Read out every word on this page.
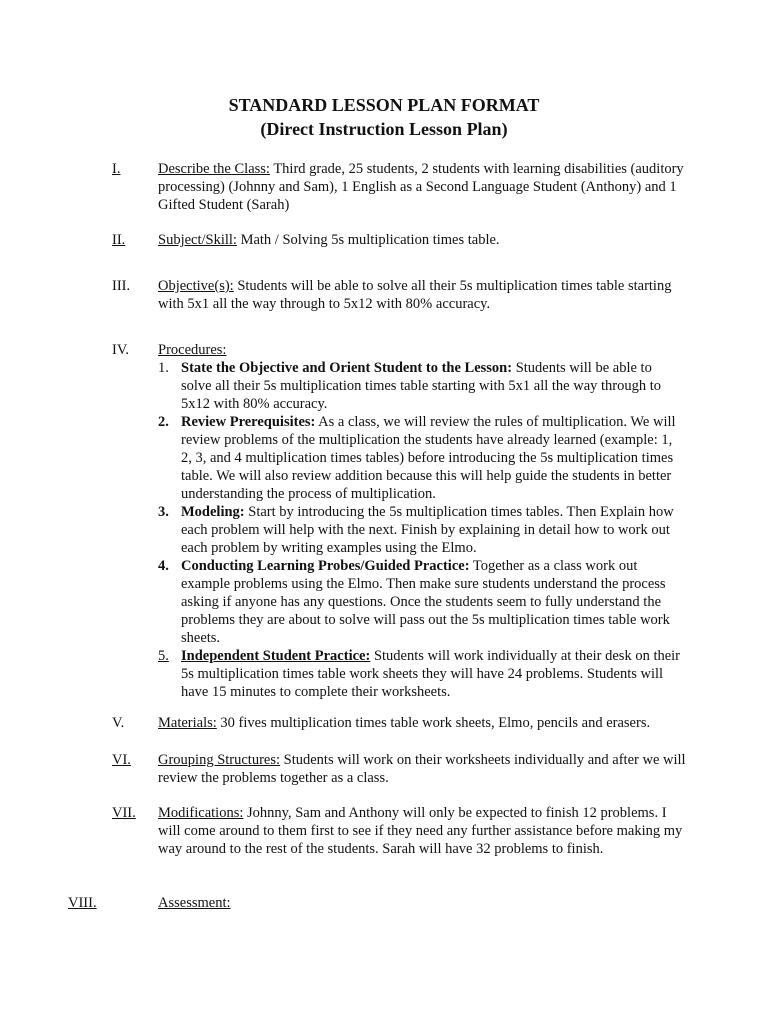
STANDARD LESSON PLAN FORMAT
(Direct Instruction Lesson Plan)
I.	Describe the Class: Third grade, 25 students, 2 students with learning disabilities (auditory processing) (Johnny and Sam), 1 English as a Second Language Student (Anthony) and 1 Gifted Student (Sarah)
II. Subject/Skill: Math / Solving 5s multiplication times table.
III. Objective(s): Students will be able to solve all their 5s multiplication times table starting with 5x1 all the way through to 5x12 with 80% accuracy.
IV. Procedures:
1. State the Objective and Orient Student to the Lesson: Students will be able to solve all their 5s multiplication times table starting with 5x1 all the way through to 5x12 with 80% accuracy.
2. Review Prerequisites: As a class, we will review the rules of multiplication. We will review problems of the multiplication the students have already learned (example: 1, 2, 3, and 4 multiplication times tables) before introducing the 5s multiplication times table. We will also review addition because this will help guide the students in better understanding the process of multiplication.
3. Modeling: Start by introducing the 5s multiplication times tables. Then Explain how each problem will help with the next. Finish by explaining in detail how to work out each problem by writing examples using the Elmo.
4. Conducting Learning Probes/Guided Practice: Together as a class work out example problems using the Elmo. Then make sure students understand the process asking if anyone has any questions. Once the students seem to fully understand the problems they are about to solve will pass out the 5s multiplication times table work sheets.
5. Independent Student Practice: Students will work individually at their desk on their 5s multiplication times table work sheets they will have 24 problems. Students will have 15 minutes to complete their worksheets.
V. Materials: 30 fives multiplication times table work sheets, Elmo, pencils and erasers.
VI. Grouping Structures: Students will work on their worksheets individually and after we will review the problems together as a class.
VII. Modifications: Johnny, Sam and Anthony will only be expected to finish 12 problems. I will come around to them first to see if they need any further assistance before making my way around to the rest of the students. Sarah will have 32 problems to finish.
VIII.	Assessment:
